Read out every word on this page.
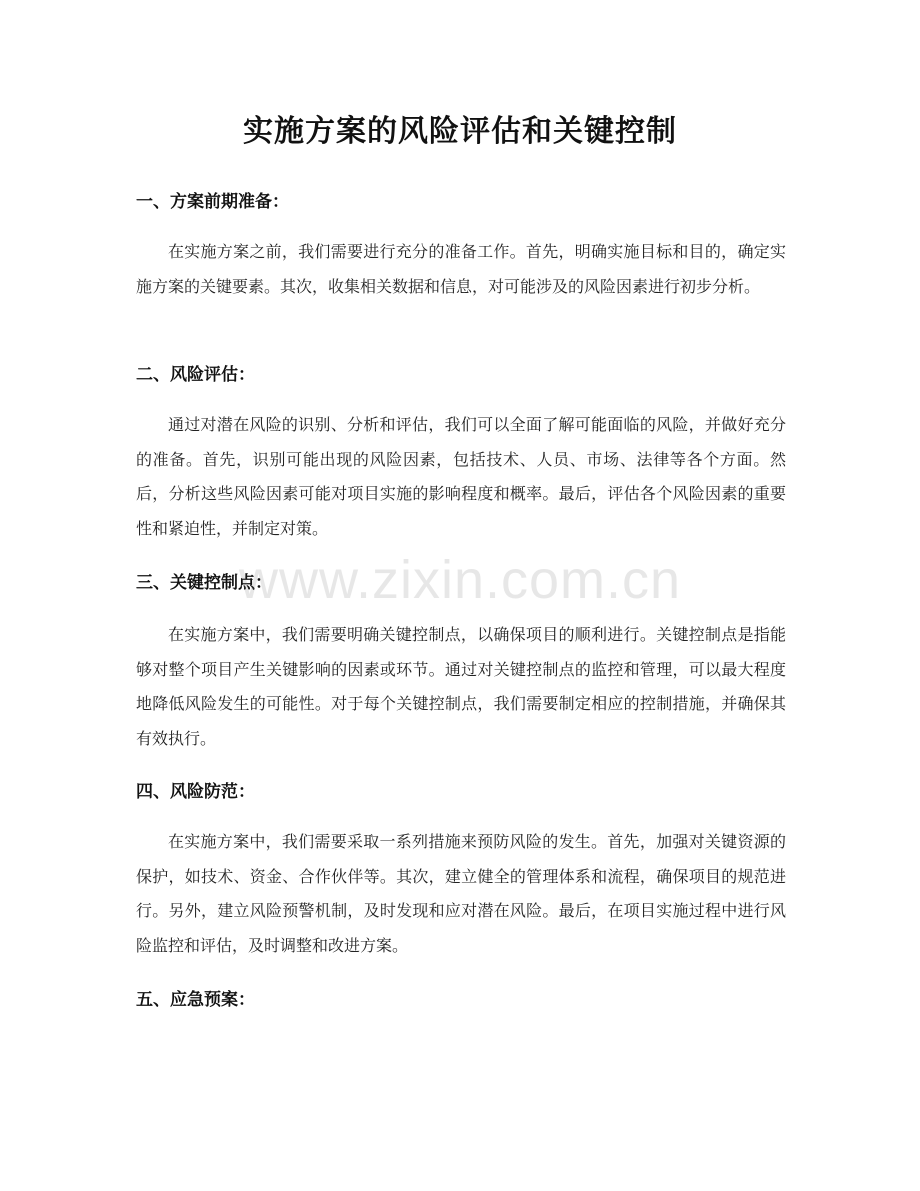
实施方案的风险评估和关键控制
一、方案前期准备：
在实施方案之前，我们需要进行充分的准备工作。首先，明确实施目标和目的，确定实施方案的关键要素。其次，收集相关数据和信息，对可能涉及的风险因素进行初步分析。
二、风险评估：
通过对潜在风险的识别、分析和评估，我们可以全面了解可能面临的风险，并做好充分的准备。首先，识别可能出现的风险因素，包括技术、人员、市场、法律等各个方面。然后，分析这些风险因素可能对项目实施的影响程度和概率。最后，评估各个风险因素的重要性和紧迫性，并制定对策。
三、关键控制点：
在实施方案中，我们需要明确关键控制点，以确保项目的顺利进行。关键控制点是指能够对整个项目产生关键影响的因素或环节。通过对关键控制点的监控和管理，可以最大程度地降低风险发生的可能性。对于每个关键控制点，我们需要制定相应的控制措施，并确保其有效执行。
四、风险防范：
在实施方案中，我们需要采取一系列措施来预防风险的发生。首先，加强对关键资源的保护，如技术、资金、合作伙伴等。其次，建立健全的管理体系和流程，确保项目的规范进行。另外，建立风险预警机制，及时发现和应对潜在风险。最后，在项目实施过程中进行风险监控和评估，及时调整和改进方案。
五、应急预案：
www.zixin.com.cn
